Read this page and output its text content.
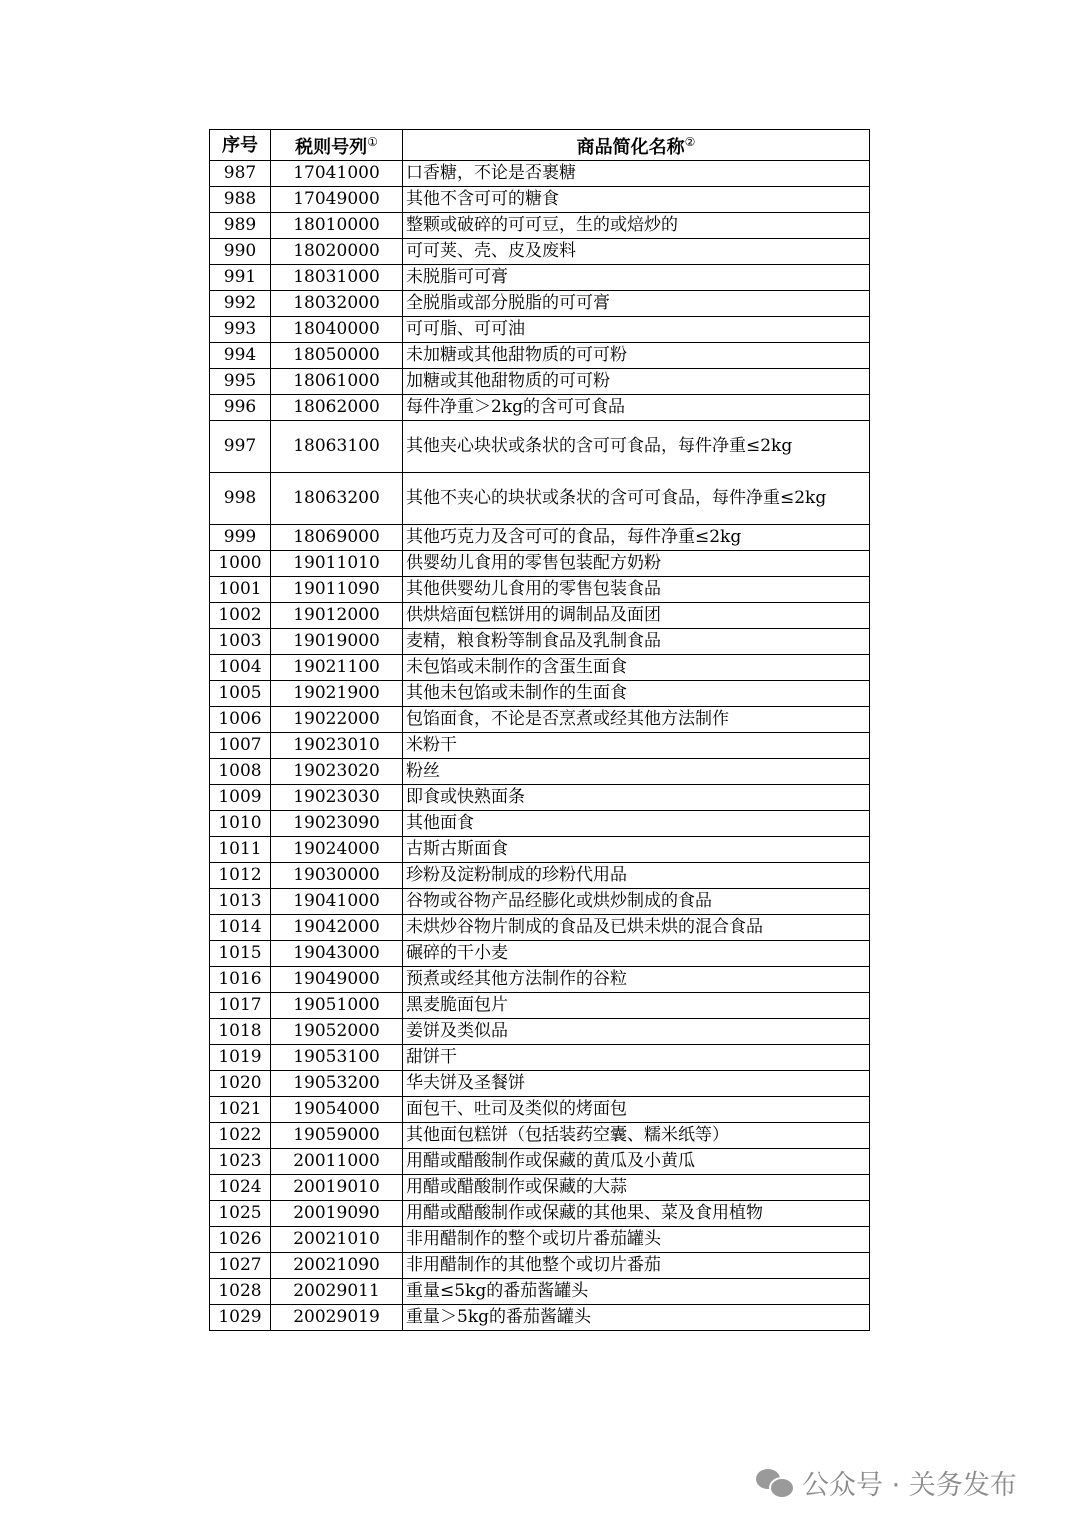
序号	税则号列①	商品简化名称②
987	17041000	口香糖，不论是否裹糖
988	17049000	其他不含可可的糖食
989	18010000	整颗或破碎的可可豆，生的或焙炒的
990	18020000	可可荚、壳、皮及废料
991	18031000	未脱脂可可膏
992	18032000	全脱脂或部分脱脂的可可膏
993	18040000	可可脂、可可油
994	18050000	未加糖或其他甜物质的可可粉
995	18061000	加糖或其他甜物质的可可粉
996	18062000	每件净重＞2kg的含可可食品
997	18063100	其他夹心块状或条状的含可可食品，每件净重≤2kg
998	18063200	其他不夹心的块状或条状的含可可食品，每件净重≤2kg
999	18069000	其他巧克力及含可可的食品，每件净重≤2kg
1000	19011010	供婴幼儿食用的零售包装配方奶粉
1001	19011090	其他供婴幼儿食用的零售包装食品
1002	19012000	供烘焙面包糕饼用的调制品及面团
1003	19019000	麦精，粮食粉等制食品及乳制食品
1004	19021100	未包馅或未制作的含蛋生面食
1005	19021900	其他未包馅或未制作的生面食
1006	19022000	包馅面食，不论是否烹煮或经其他方法制作
1007	19023010	米粉干
1008	19023020	粉丝
1009	19023030	即食或快熟面条
1010	19023090	其他面食
1011	19024000	古斯古斯面食
1012	19030000	珍粉及淀粉制成的珍粉代用品
1013	19041000	谷物或谷物产品经膨化或烘炒制成的食品
1014	19042000	未烘炒谷物片制成的食品及已烘未烘的混合食品
1015	19043000	碾碎的干小麦
1016	19049000	预煮或经其他方法制作的谷粒
1017	19051000	黑麦脆面包片
1018	19052000	姜饼及类似品
1019	19053100	甜饼干
1020	19053200	华夫饼及圣餐饼
1021	19054000	面包干、吐司及类似的烤面包
1022	19059000	其他面包糕饼（包括装药空囊、糯米纸等）
1023	20011000	用醋或醋酸制作或保藏的黄瓜及小黄瓜
1024	20019010	用醋或醋酸制作或保藏的大蒜
1025	20019090	用醋或醋酸制作或保藏的其他果、菜及食用植物
1026	20021010	非用醋制作的整个或切片番茄罐头
1027	20021090	非用醋制作的其他整个或切片番茄
1028	20029011	重量≤5kg的番茄酱罐头
1029	20029019	重量＞5kg的番茄酱罐头
公众号 · 关务发布
